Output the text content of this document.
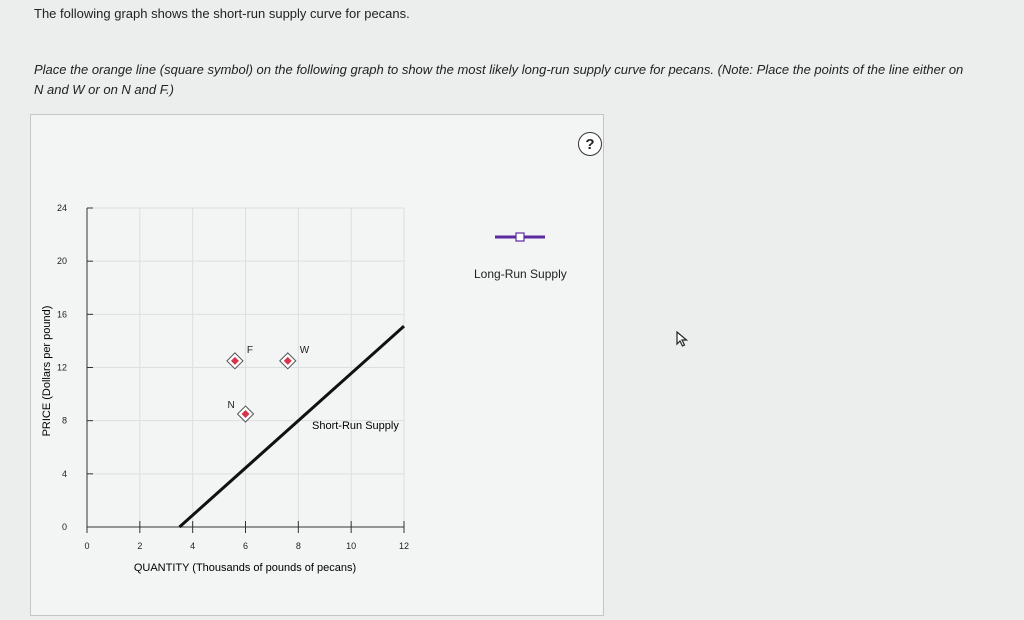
The following graph shows the short-run supply curve for pecans.
Place the orange line (square symbol) on the following graph to show the most likely long-run supply curve for pecans. (Note: Place the points of the line either on N and W or on N and F.)
?
0
4
8
12
16
20
24
0	2	4	6	8	10	12
N
F	W
PRICE (Dollars per pound)
QUANTITY (Thousands of pounds of pecans)
Short-Run Supply
Long-Run Supply
